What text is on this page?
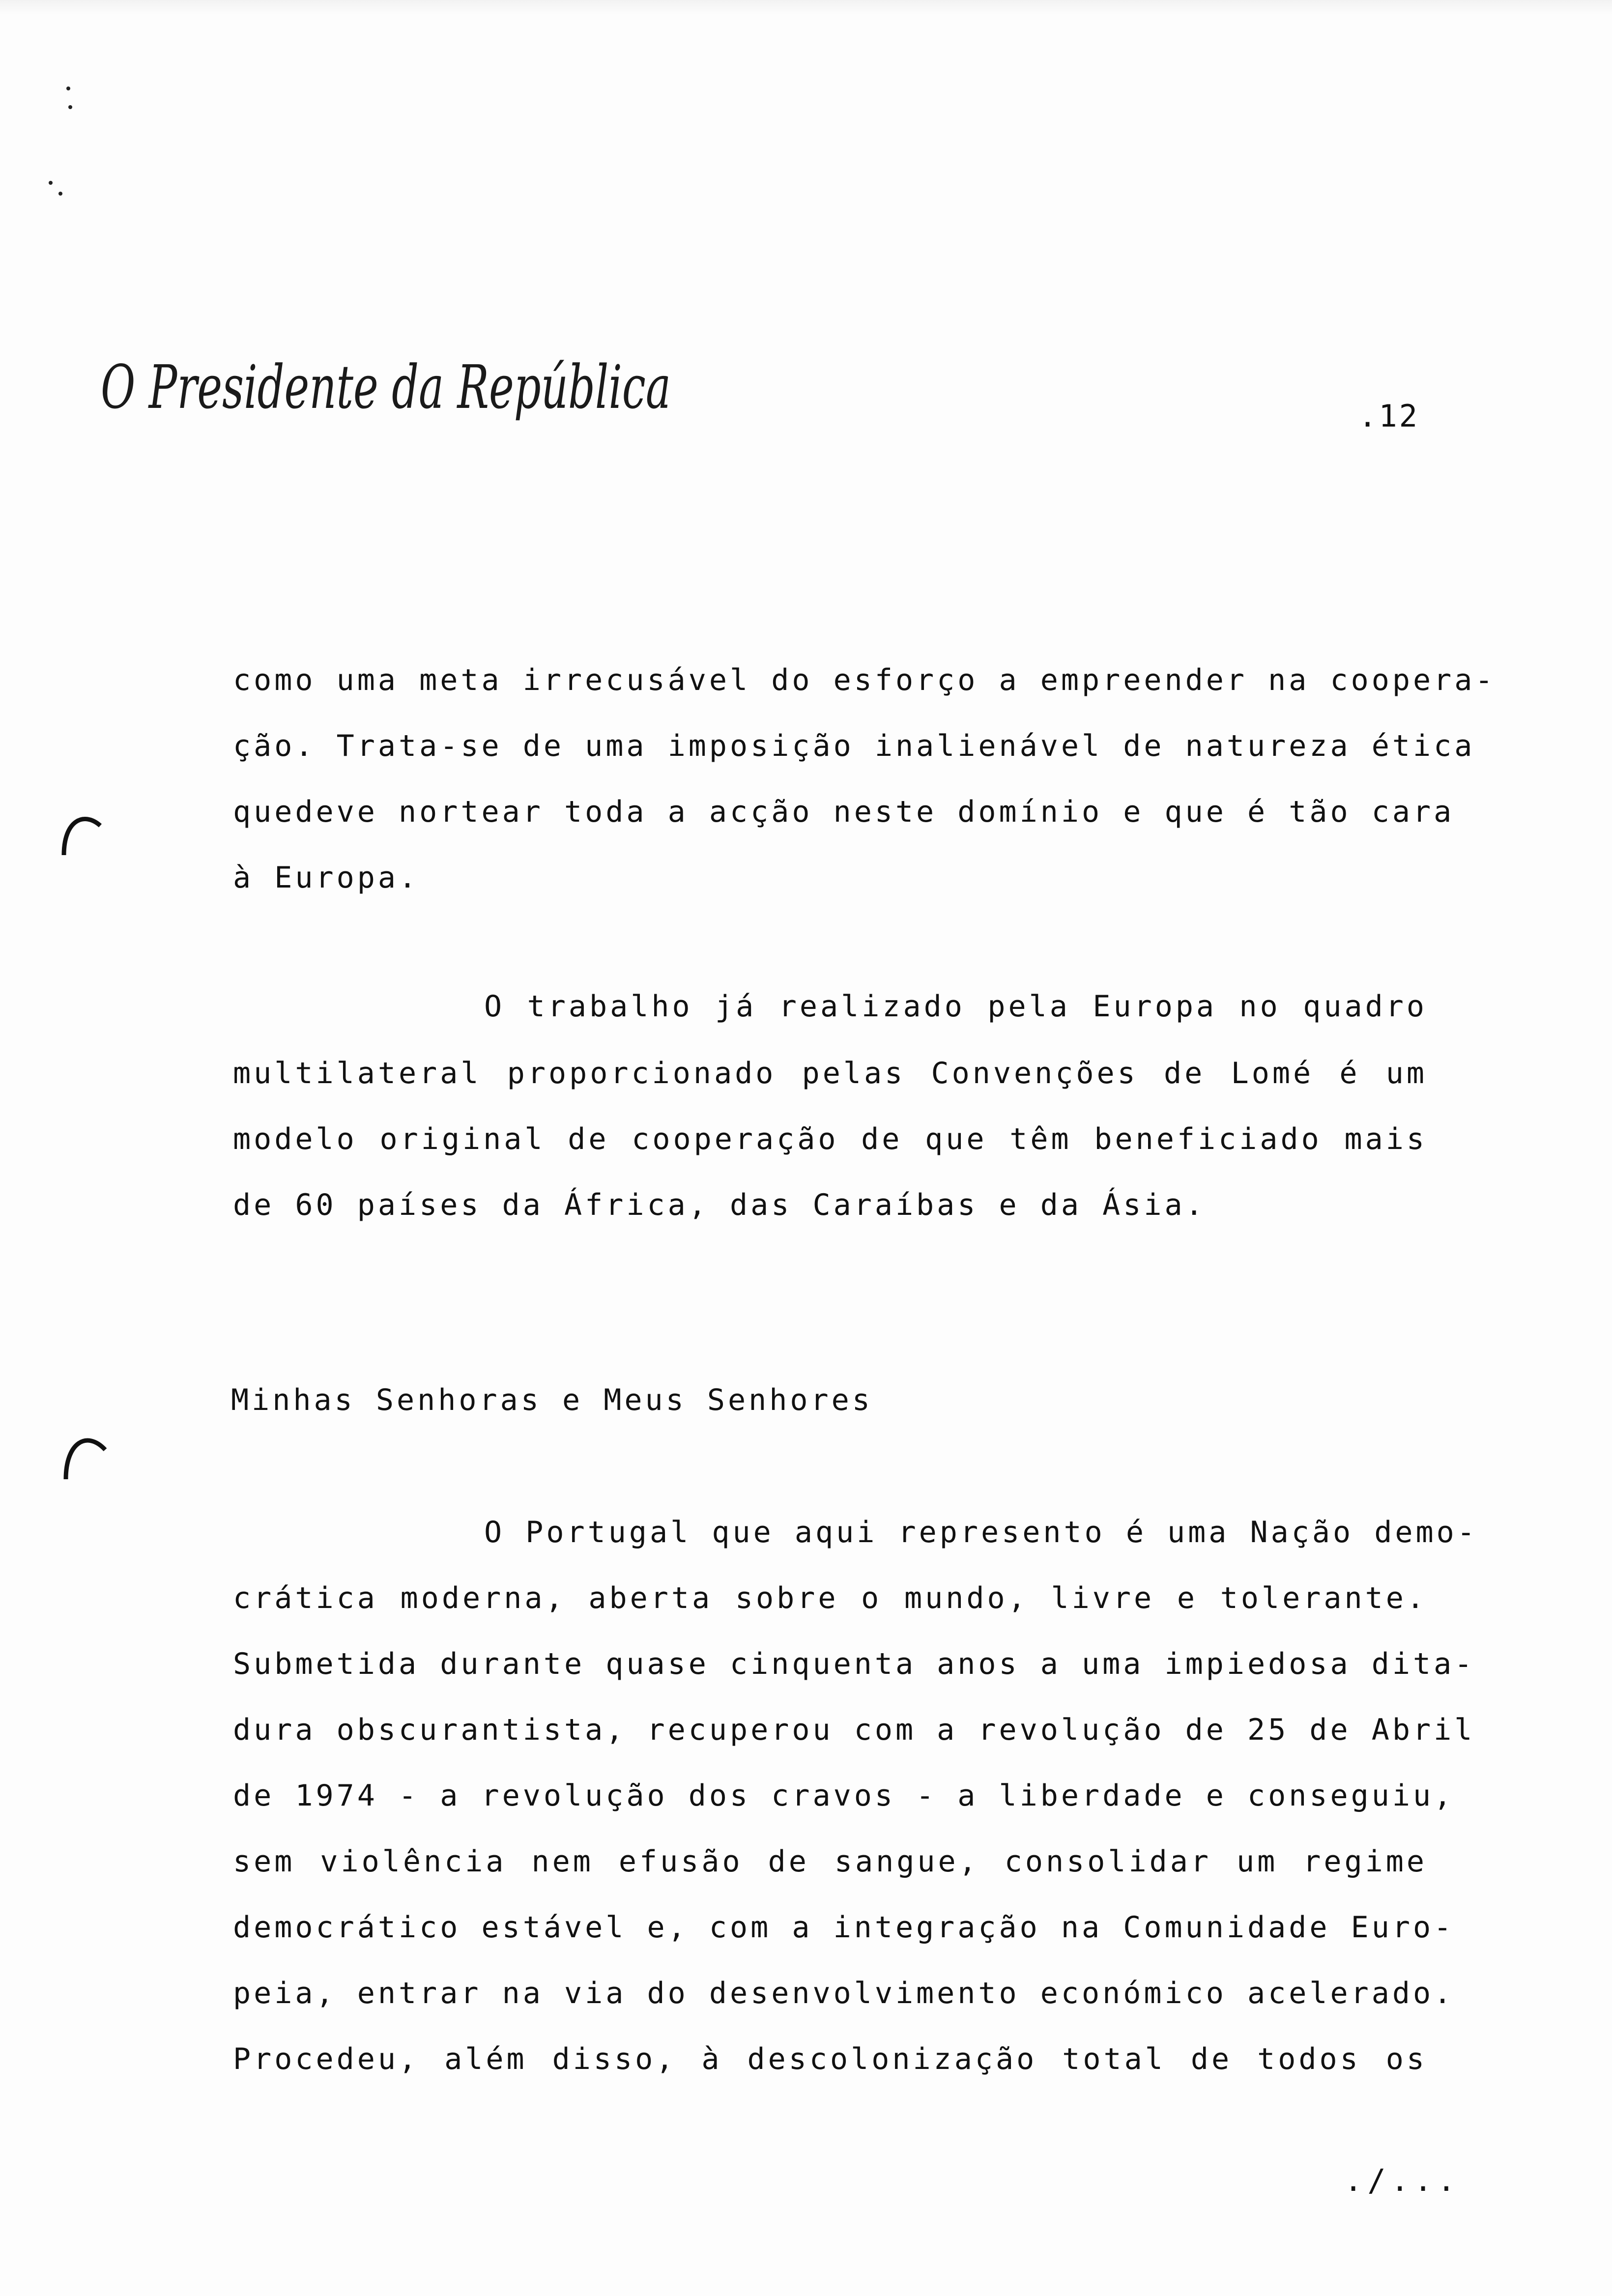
O Presidente da República	.12
como uma meta irrecusável do esforço a empreender na coopera-
ção. Trata-se de uma imposição inalienável de natureza ética
quedeve nortear toda a acção neste domínio e que é tão cara
à Europa.
O trabalho já realizado pela Europa no quadro
multilateral proporcionado pelas Convenções de Lomé é um
modelo original de cooperação de que têm beneficiado mais
de 60 países da África, das Caraíbas e da Ásia.
Minhas Senhoras e Meus Senhores
O Portugal que aqui represento é uma Nação demo-
crática moderna, aberta sobre o mundo, livre e tolerante.
Submetida durante quase cinquenta anos a uma impiedosa dita-
dura obscurantista, recuperou com a revolução de 25 de Abril
de 1974 - a revolução dos cravos - a liberdade e conseguiu,
sem violência nem efusão de sangue, consolidar um regime
democrático estável e, com a integração na Comunidade Euro-
peia, entrar na via do desenvolvimento económico acelerado.
Procedeu, além disso, à descolonização total de todos os
./...
